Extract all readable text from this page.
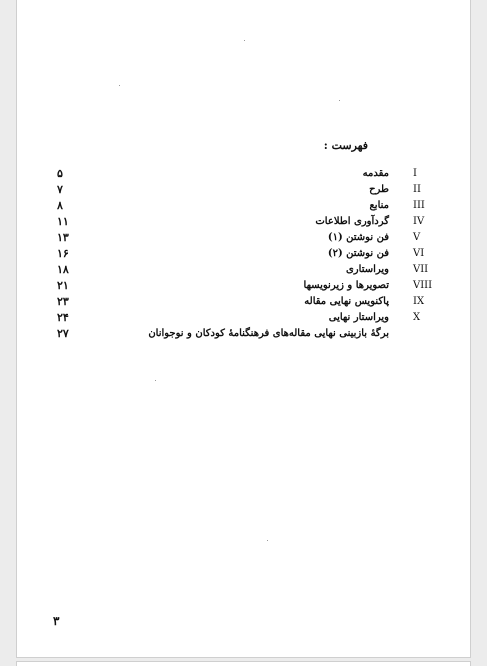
فهرست :
۵	مقدمه I
۷	طرح II
۸	منابع III
۱۱	گردآوری اطلاعات IV
۱۳	فن نوشتن (۱) V
۱۶	فن نوشتن (۲) VI
۱۸	ویراستاری VII
۲۱	تصویرها و زیرنویسها VIII
۲۳	پاکنویس نهایی مقاله IX
۲۴	ویراستار نهایی X
۲۷	برگهٔ بازبینی نهایی مقاله‌های فرهنگنامهٔ کودکان و نوجوانان
۳
